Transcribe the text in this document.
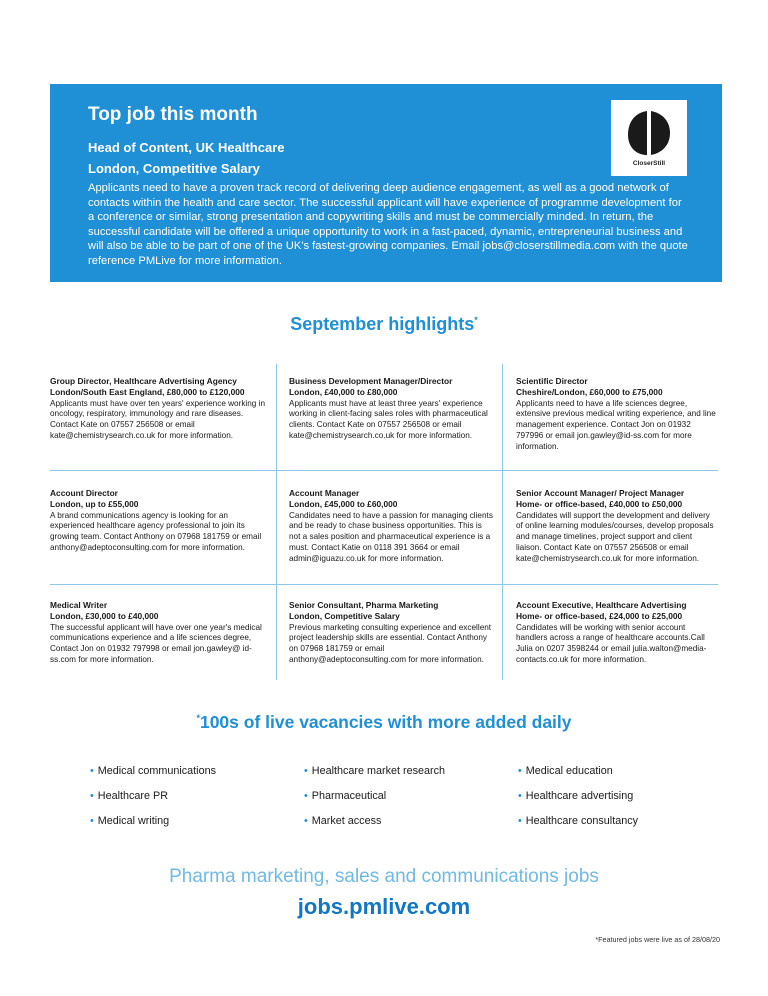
Top job this month
Head of Content, UK Healthcare
London, Competitive Salary
Applicants need to have a proven track record of delivering deep audience engagement, as well as a good network of contacts within the health and care sector. The successful applicant will have experience of programme development for a conference or similar, strong presentation and copywriting skills and must be commercially minded. In return, the successful candidate will be offered a unique opportunity to work in a fast-paced, dynamic, entrepreneurial business and will also be able to be part of one of the UK's fastest-growing companies. Email jobs@closerstillmedia.com with the quote reference PMLive for more information.
CloserStill
September highlights*
Group Director, Healthcare Advertising Agency
London/South East England, £80,000 to £120,000
Applicants must have over ten years' experience working in oncology, respiratory, immunology and rare diseases. Contact Kate on 07557 256508 or email kate@chemistrysearch.co.uk for more information.
Business Development Manager/Director
London, £40,000 to £80,000
Applicants must have at least three years' experience working in client-facing sales roles with pharmaceutical clients. Contact Kate on 07557 256508 or email kate@chemistrysearch.co.uk for more information.
Scientific Director
Cheshire/London, £60,000 to £75,000
Applicants need to have a life sciences degree, extensive previous medical writing experience, and line management experience. Contact Jon on 01932 797996 or email jon.gawley@id-ss.com for more information.
Account Director
London, up to £55,000
A brand communications agency is looking for an experienced healthcare agency professional to join its growing team. Contact Anthony on 07968 181759 or email anthony@adeptoconsulting.com for more information.
Account Manager
London, £45,000 to £60,000
Candidates need to have a passion for managing clients and be ready to chase business opportunities. This is not a sales position and pharmaceutical experience is a must. Contact Katie on 0118 391 3664 or email admin@iguazu.co.uk for more information.
Senior Account Manager/ Project Manager
Home- or office-based, £40,000 to £50,000
Candidates will support the development and delivery of online learning modules/courses, develop proposals and manage timelines, project support and client liaison. Contact Kate on 07557 256508 or email kate@chemistrysearch.co.uk for more information.
Medical Writer
London, £30,000 to £40,000
The successful applicant will have over one year's medical communications experience and a life sciences degree, Contact Jon on 01932 797998 or email jon.gawley@ id-ss.com for more information.
Senior Consultant, Pharma Marketing
London, Competitive Salary
Previous marketing consulting experience and excellent project leadership skills are essential. Contact Anthony on 07968 181759 or email anthony@adeptoconsulting.com for more information.
Account Executive, Healthcare Advertising
Home- or office-based, £24,000 to £25,000
Candidates will be working with senior account handlers across a range of healthcare accounts.Call Julia on 0207 3598244 or email julia.walton@media-contacts.co.uk for more information.
*100s of live vacancies with more added daily
• Medical communications
• Healthcare PR
• Medical writing
• Healthcare market research
• Pharmaceutical
• Market access
• Medical education
• Healthcare advertising
• Healthcare consultancy
Pharma marketing, sales and communications jobs
jobs.pmlive.com
*Featured jobs were live as of 28/08/20
